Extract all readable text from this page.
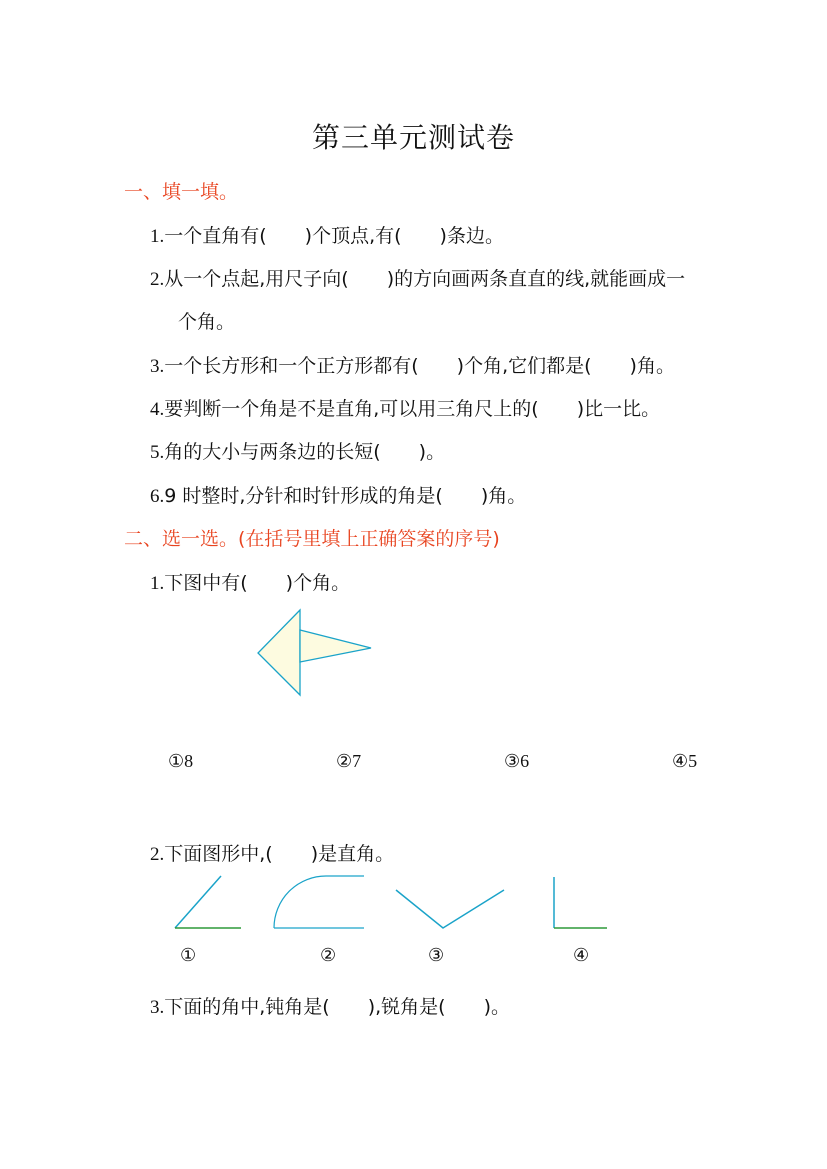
第三单元测试卷
一、填一填。
1.一个直角有(　　)个顶点,有(　　)条边。
2.从一个点起,用尺子向(　　)的方向画两条直直的线,就能画成一
个角。
3.一个长方形和一个正方形都有(　　)个角,它们都是(　　)角。
4.要判断一个角是不是直角,可以用三角尺上的(　　)比一比。
5.角的大小与两条边的长短(　　)。
6.9 时整时,分针和时针形成的角是(　　)角。
二、选一选。(在括号里填上正确答案的序号)
1.下图中有(　　)个角。
①8	②7	③6	④5
2.下面图形中,(　　)是直角。
①	②	③	④
3.下面的角中,钝角是(　　),锐角是(　　)。
